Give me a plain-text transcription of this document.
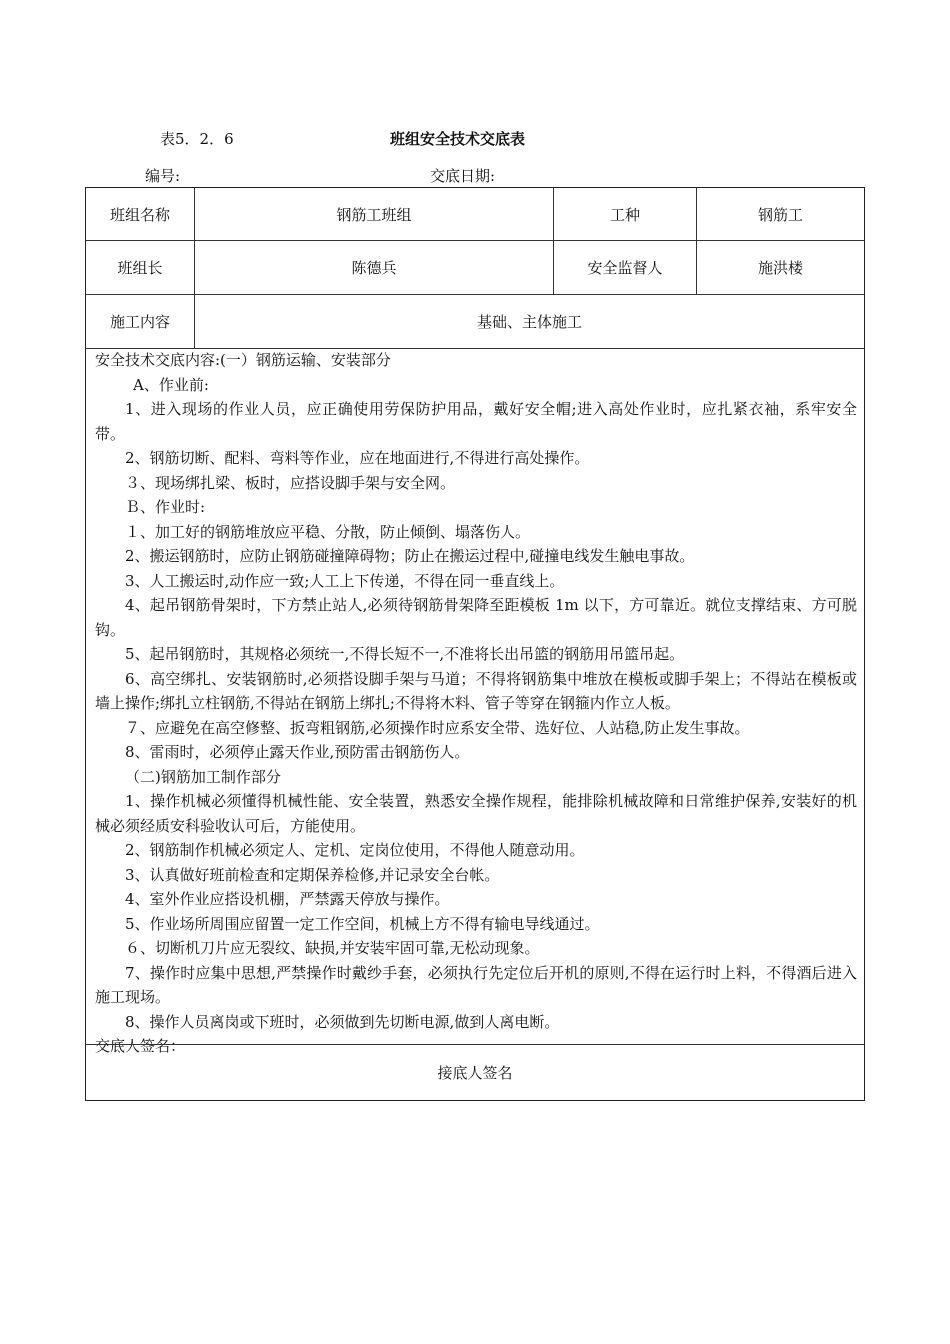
表5．2．6	班组安全技术交底表
编号:	交底日期:
班组名称	钢筋工班组	工种	钢筋工
班组长	陈德兵	安全监督人	施洪楼
施工内容	基础、主体施工

安全技术交底内容:(一）钢筋运输、安装部分

A、作业前:

1、进入现场的作业人员，应正确使用劳保防护用品，戴好安全帽;进入高处作业时，应扎紧衣袖，系牢安全带。

2、钢筋切断、配料、弯料等作业，应在地面进行,不得进行高处操作。

３、现场绑扎梁、板时，应搭设脚手架与安全网。

Ｂ、作业时:

１、加工好的钢筋堆放应平稳、分散，防止倾倒、塌落伤人。

2、搬运钢筋时，应防止钢筋碰撞障碍物；防止在搬运过程中,碰撞电线发生触电事故。

3、人工搬运时,动作应一致;人工上下传递，不得在同一垂直线上。

4、起吊钢筋骨架时，下方禁止站人,必须待钢筋骨架降至距模板 1m 以下，方可靠近。就位支撑结束、方可脱钩。

5、起吊钢筋时，其规格必须统一,不得长短不一,不准将长出吊篮的钢筋用吊篮吊起。

6、高空绑扎、安装钢筋时,必须搭设脚手架与马道；不得将钢筋集中堆放在模板或脚手架上；不得站在模板或墙上操作;绑扎立柱钢筋,不得站在钢筋上绑扎;不得将木料、管子等穿在钢箍内作立人板。

７、应避免在高空修整、扳弯粗钢筋,必须操作时应系安全带、选好位、人站稳,防止发生事故。

8、雷雨时，必须停止露天作业,预防雷击钢筋伤人。

（二)钢筋加工制作部分

1、操作机械必须懂得机械性能、安全装置，熟悉安全操作规程，能排除机械故障和日常维护保养,安装好的机械必须经质安科验收认可后，方能使用。

2、钢筋制作机械必须定人、定机、定岗位使用，不得他人随意动用。

3、认真做好班前检查和定期保养检修,并记录安全台帐。

4、室外作业应搭设机棚，严禁露天停放与操作。

5、作业场所周围应留置一定工作空间，机械上方不得有输电导线通过。

６、切断机刀片应无裂纹、缺损,并安装牢固可靠,无松动现象。

7、操作时应集中思想,严禁操作时戴纱手套，必须执行先定位后开机的原则,不得在运行时上料，不得酒后进入施工现场。

8、操作人员离岗或下班时，必须做到先切断电源,做到人离电断。

交底人签名：

接底人签名
